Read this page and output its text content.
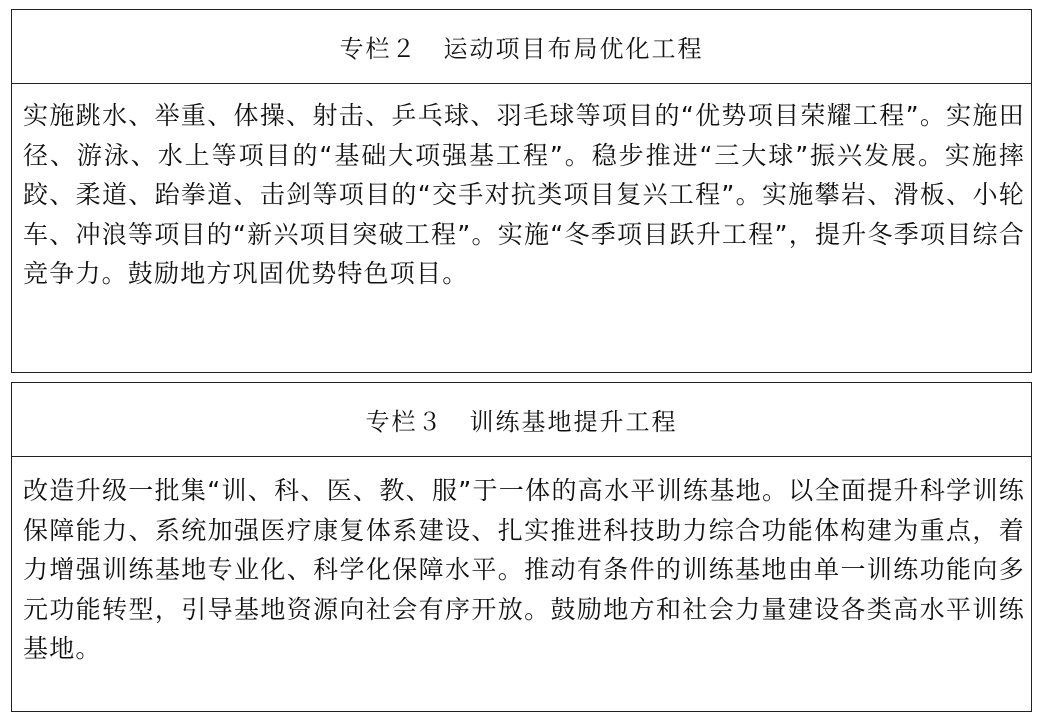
专栏２　运动项目布局优化工程
实施跳水、举重、体操、射击、乒乓球、羽毛球等项目的“优势项目荣耀工程”。实施田径、游泳、水上等项目的“基础大项强基工程”。稳步推进“三大球”振兴发展。实施摔跤、柔道、跆拳道、击剑等项目的“交手对抗类项目复兴工程”。实施攀岩、滑板、小轮车、冲浪等项目的“新兴项目突破工程”。实施“冬季项目跃升工程”，提升冬季项目综合竞争力。鼓励地方巩固优势特色项目。
专栏３　训练基地提升工程
改造升级一批集“训、科、医、教、服”于一体的高水平训练基地。以全面提升科学训练保障能力、系统加强医疗康复体系建设、扎实推进科技助力综合功能体构建为重点，着力增强训练基地专业化、科学化保障水平。推动有条件的训练基地由单一训练功能向多元功能转型，引导基地资源向社会有序开放。鼓励地方和社会力量建设各类高水平训练基地。
